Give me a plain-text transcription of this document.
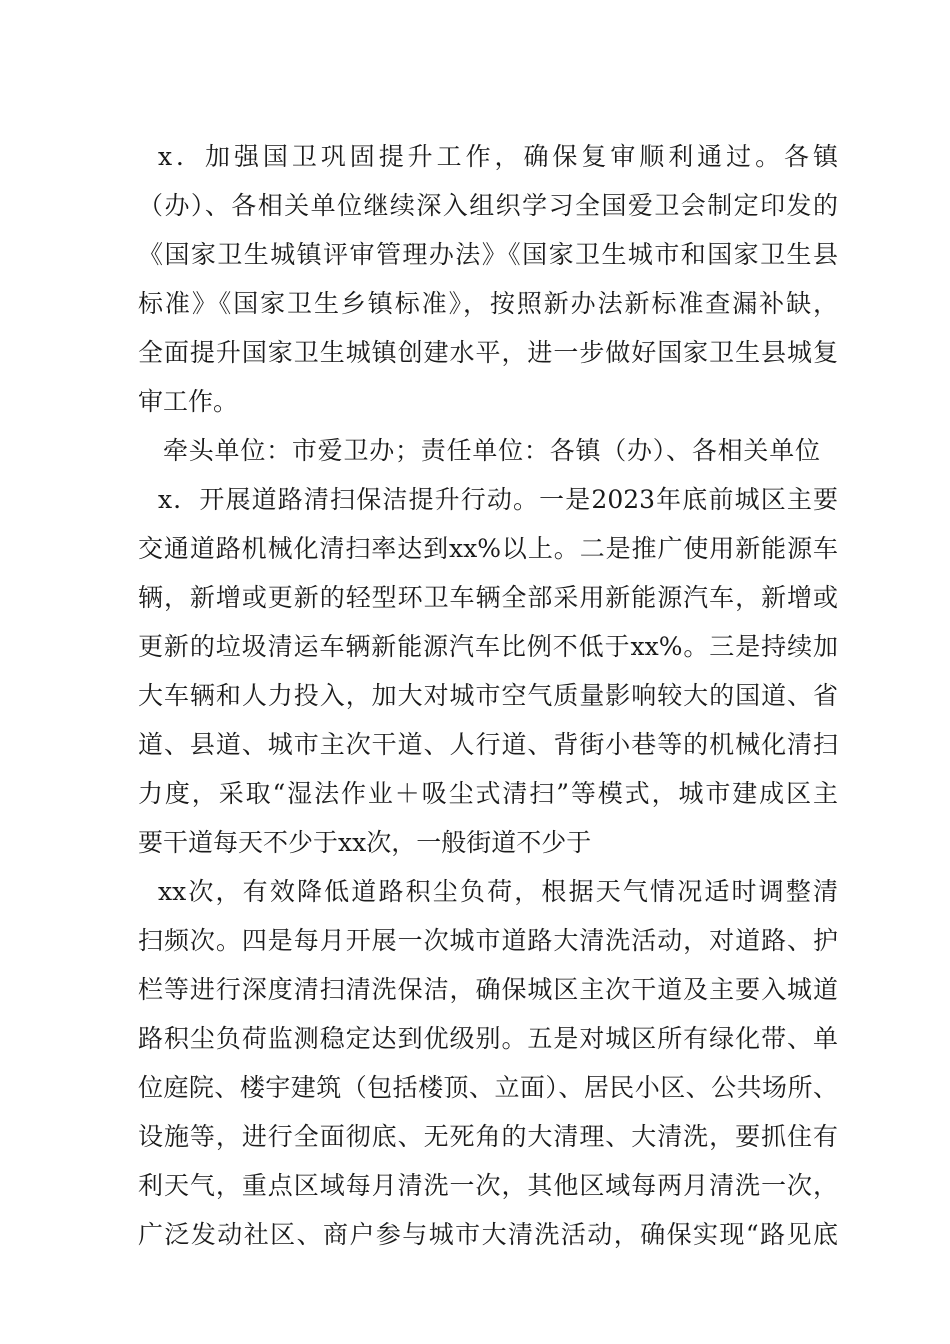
x．加强国卫巩固提升工作，确保复审顺利通过。各镇
（办）、各相关单位继续深入组织学习全国爱卫会制定印发的
《国家卫生城镇评审管理办法》《国家卫生城市和国家卫生县
标准》《国家卫生乡镇标准》，按照新办法新标准查漏补缺，
全面提升国家卫生城镇创建水平，进一步做好国家卫生县城复
审工作。
牵头单位：市爱卫办；责任单位：各镇（办）、各相关单位
x．开展道路清扫保洁提升行动。一是2023年底前城区主要
交通道路机械化清扫率达到xx%以上。二是推广使用新能源车
辆，新增或更新的轻型环卫车辆全部采用新能源汽车，新增或
更新的垃圾清运车辆新能源汽车比例不低于xx%。三是持续加
大车辆和人力投入，加大对城市空气质量影响较大的国道、省
道、县道、城市主次干道、人行道、背街小巷等的机械化清扫
力度，采取“湿法作业＋吸尘式清扫”等模式，城市建成区主
要干道每天不少于xx次，一般街道不少于
xx次，有效降低道路积尘负荷，根据天气情况适时调整清
扫频次。四是每月开展一次城市道路大清洗活动，对道路、护
栏等进行深度清扫清洗保洁，确保城区主次干道及主要入城道
路积尘负荷监测稳定达到优级别。五是对城区所有绿化带、单
位庭院、楼宇建筑（包括楼顶、立面）、居民小区、公共场所、
设施等，进行全面彻底、无死角的大清理、大清洗，要抓住有
利天气，重点区域每月清洗一次，其他区域每两月清洗一次，
广泛发动社区、商户参与城市大清洗活动，确保实现“路见底
